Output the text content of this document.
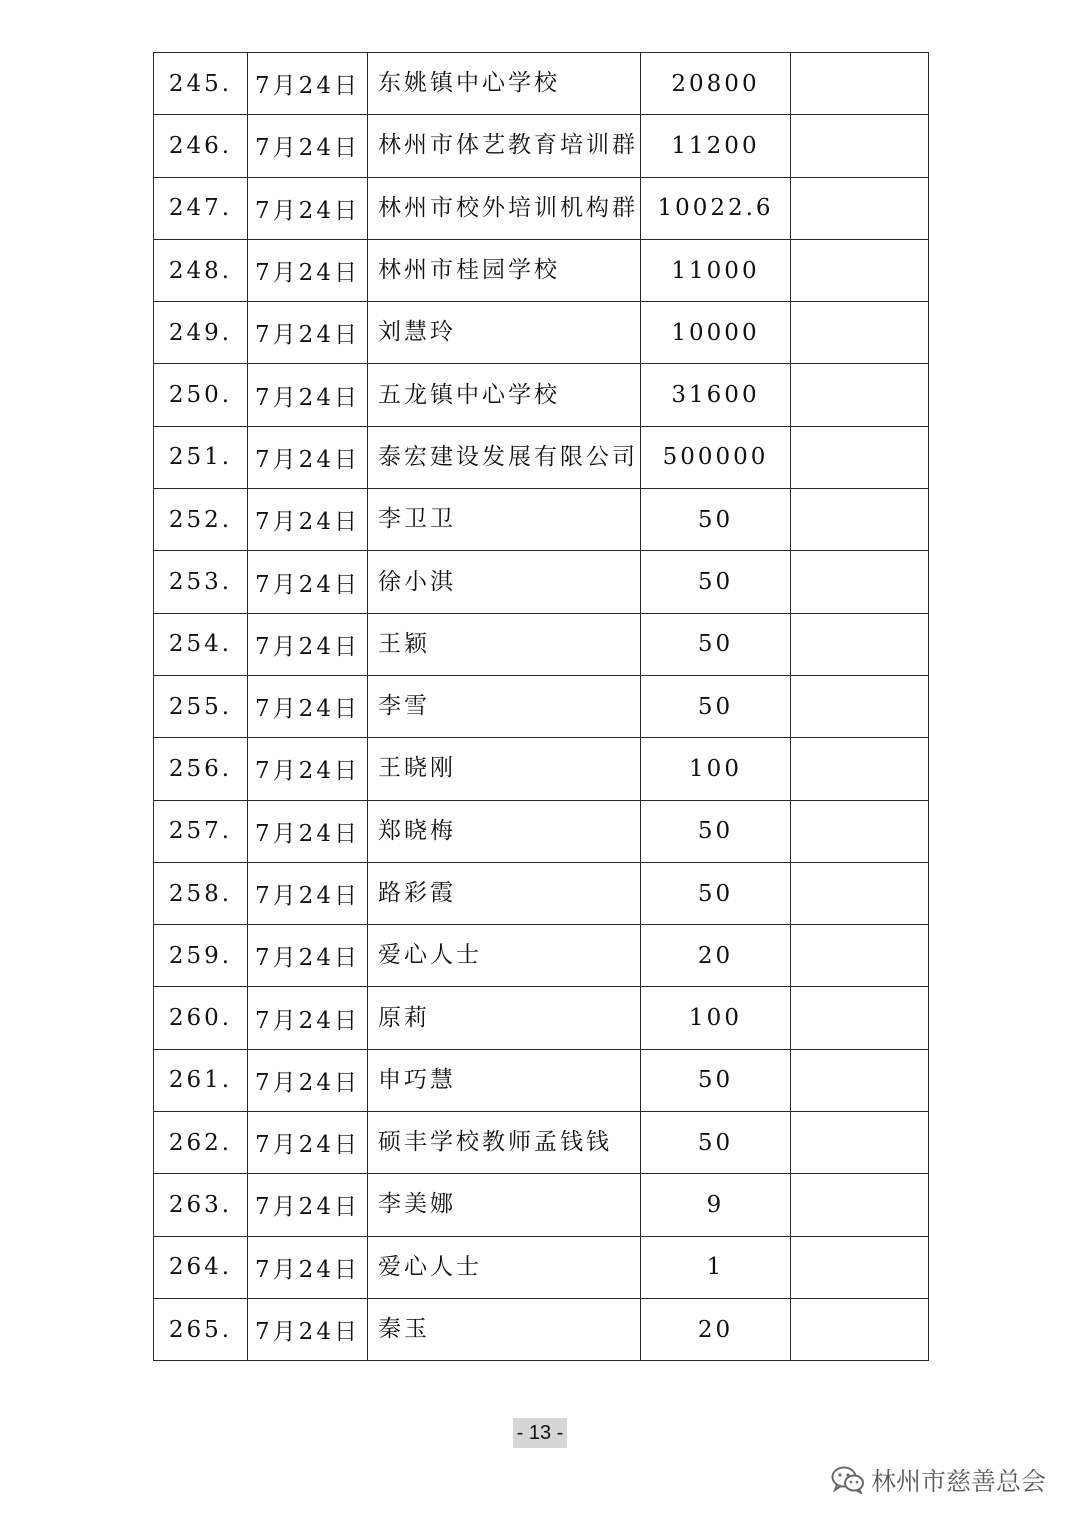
245.	7月24日	东姚镇中心学校	20800	
246.	7月24日	林州市体艺教育培训群	11200	
247.	7月24日	林州市校外培训机构群	10022.6	
248.	7月24日	林州市桂园学校	11000	
249.	7月24日	刘慧玲	10000	
250.	7月24日	五龙镇中心学校	31600	
251.	7月24日	泰宏建设发展有限公司	500000	
252.	7月24日	李卫卫	50	
253.	7月24日	徐小淇	50	
254.	7月24日	王颖	50	
255.	7月24日	李雪	50	
256.	7月24日	王晓刚	100	
257.	7月24日	郑晓梅	50	
258.	7月24日	路彩霞	50	
259.	7月24日	爱心人士	20	
260.	7月24日	原莉	100	
261.	7月24日	申巧慧	50	
262.	7月24日	硕丰学校教师孟钱钱	50	
263.	7月24日	李美娜	9	
264.	7月24日	爱心人士	1	
265.	7月24日	秦玉	20	
- 13 -
林州市慈善总会
